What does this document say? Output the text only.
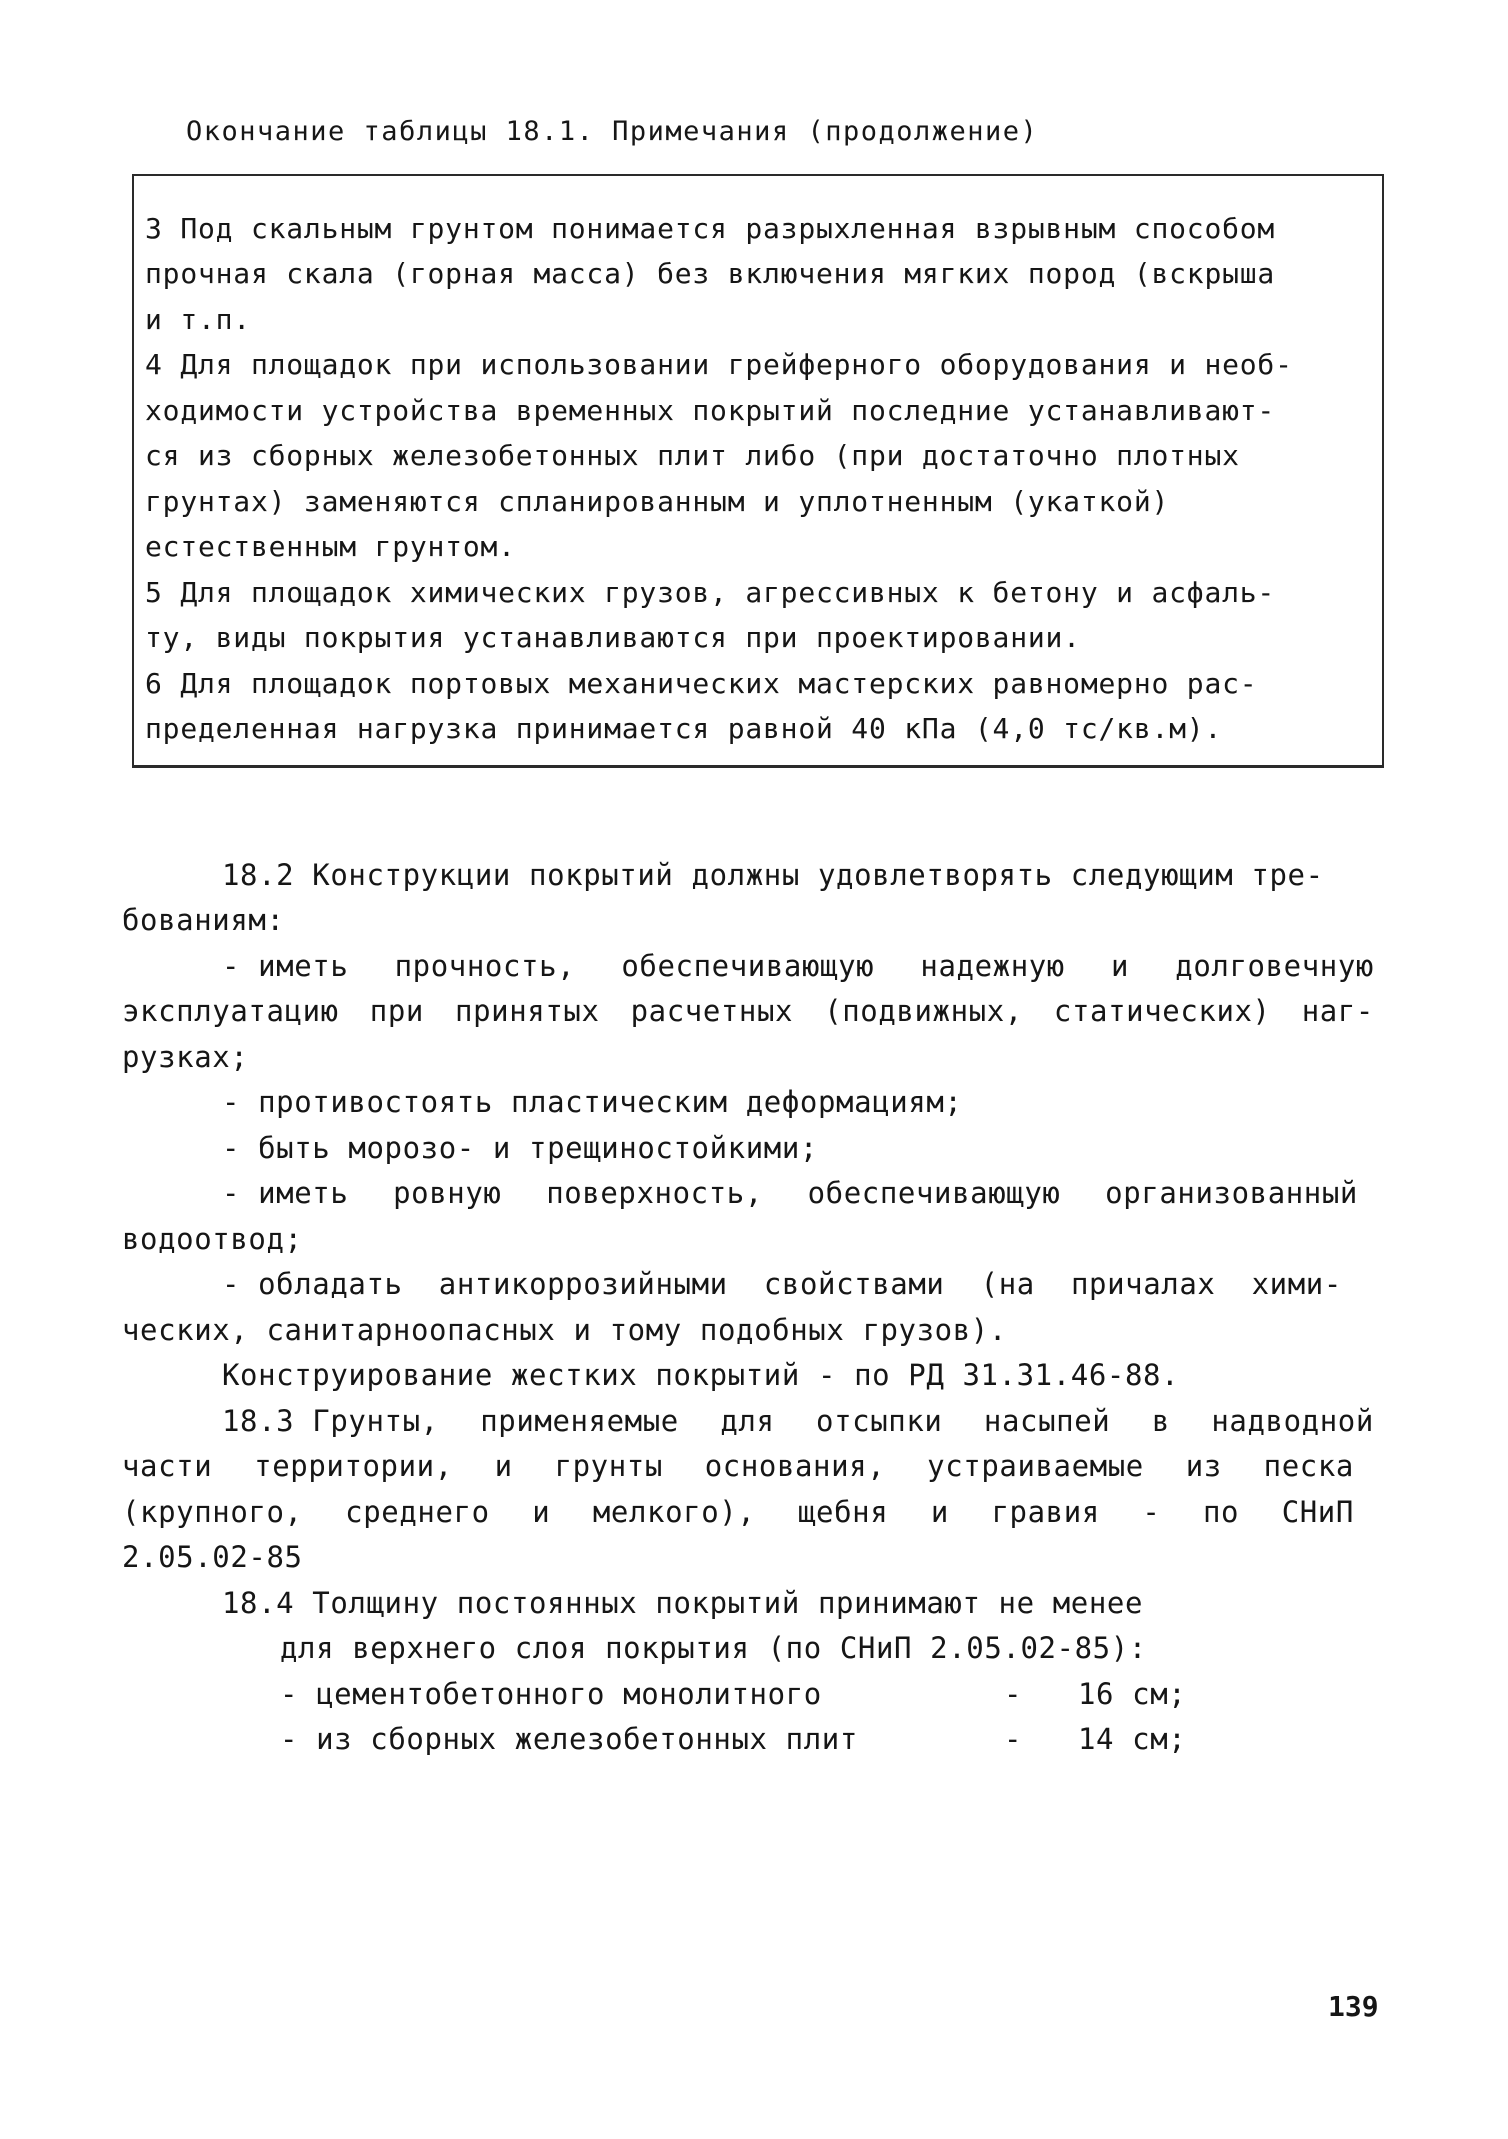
Окончание таблицы 18.1. Примечания (продолжение)
3 Под скальным грунтом понимается разрыхленная взрывным способом
прочная скала (горная масса) без включения мягких пород (вскрыша
и т.п.
4 Для площадок при использовании грейферного оборудования и необ-
ходимости устройства временных покрытий последние устанавливают-
ся из сборных железобетонных плит либо (при достаточно плотных
грунтах) заменяются спланированным и уплотненным (укаткой)
естественным грунтом.
5 Для площадок химических грузов, агрессивных к бетону и асфаль-
ту, виды покрытия устанавливаются при проектировании.
6 Для площадок портовых механических мастерских равномерно рас-
пределенная нагрузка принимается равной 40 кПа (4,0 тс/кв.м).
18.2 Конструкции покрытий должны удовлетворять следующим тре-
бованиям:
- иметь прочность, обеспечивающую надежную и долговечную
эксплуатацию при принятых расчетных (подвижных, статических) наг-
рузках;
- противостоять пластическим деформациям;
- быть морозо- и трещиностойкими;
- иметь ровную поверхность, обеспечивающую организованный
водоотвод;
- обладать антикоррозийными свойствами (на причалах хими-
ческих, санитарноопасных и тому подобных грузов).
Конструирование жестких покрытий - по РД 31.31.46-88.
18.3 Грунты, применяемые для отсыпки насыпей в надводной
части территории, и грунты основания, устраиваемые из песка
(крупного, среднего и мелкого), щебня и гравия - по СНиП
2.05.02-85
18.4 Толщину постоянных покрытий принимают не менее
для верхнего слоя покрытия (по СНиП 2.05.02-85):
- цементобетонного монолитного	- 16 см;
- из сборных железобетонных плит	- 14 см;
139
